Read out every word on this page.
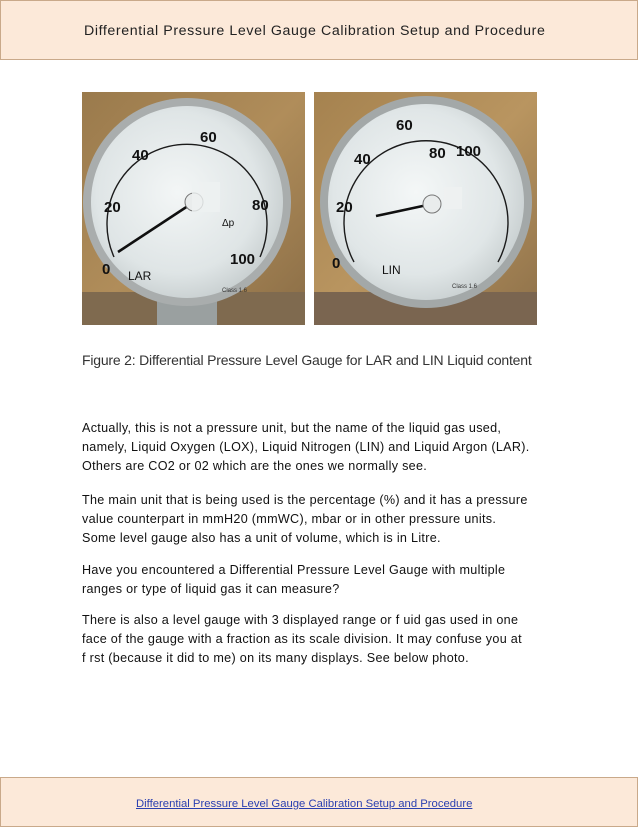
Differential Pressure Level Gauge Calibration Setup and Procedure
0
20
40
60
80
100
LAR
Δp
Class 1.6
0
20
40
60
80 100
LIN
Class 1.6
Figure 2: Differential Pressure Level Gauge for LAR and LIN Liquid content
Actually, this is not a pressure unit, but the name of the liquid gas used,
namely, Liquid Oxygen (LOX), Liquid Nitrogen (LIN) and Liquid Argon (LAR).
Others are CO2 or 02 which are the ones we normally see.
The main unit that is being used is the percentage (%) and it has a pressure
value counterpart in mmH20 (mmWC), mbar or in other pressure units.
Some level gauge also has a unit of volume, which is in Litre.
Have you encountered a Differential Pressure Level Gauge with multiple
ranges or type of liquid gas it can measure?
There is also a level gauge with 3 displayed range or f uid gas used in one
face of the gauge with a fraction as its scale division. It may confuse you at
f rst (because it did to me) on its many displays. See below photo.
Differential Pressure Level Gauge Calibration Setup and Procedure
